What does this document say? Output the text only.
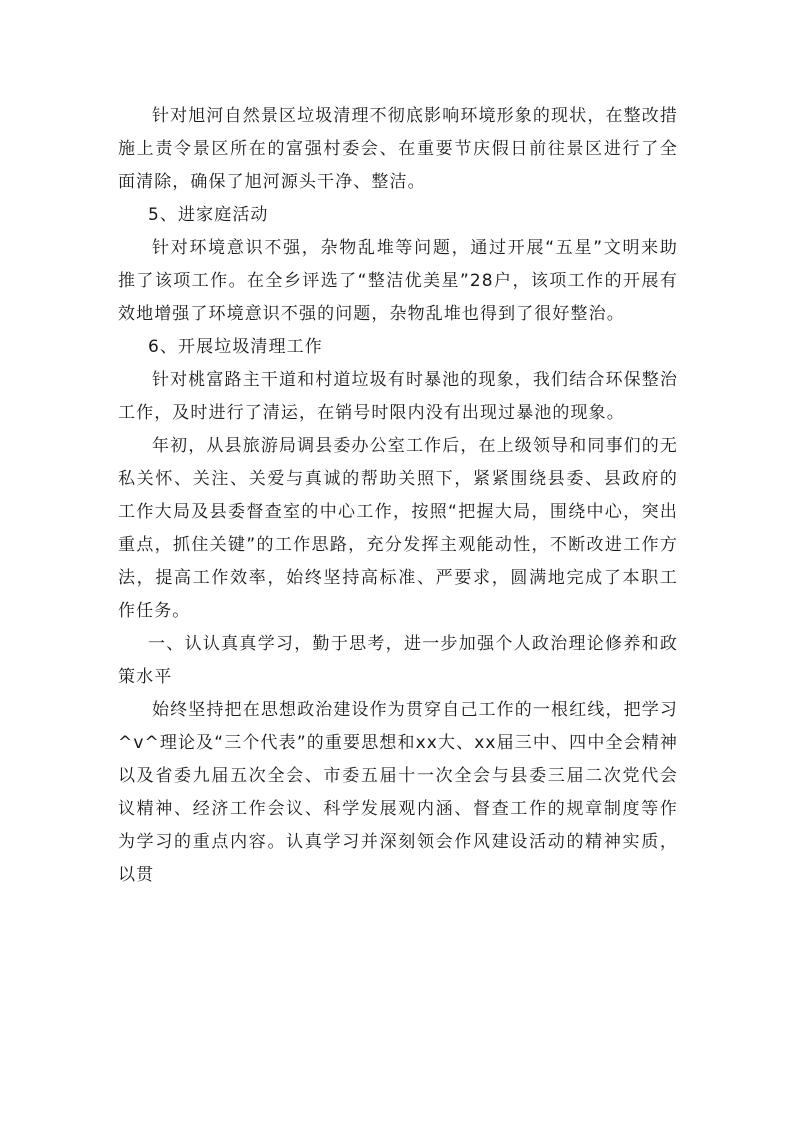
针对旭河自然景区垃圾清理不彻底影响环境形象的现状，在整改措施上责令景区所在的富强村委会、在重要节庆假日前往景区进行了全面清除，确保了旭河源头干净、整洁。

5、进家庭活动

针对环境意识不强，杂物乱堆等问题，通过开展“五星”文明来助推了该项工作。在全乡评选了“整洁优美星”28户，该项工作的开展有效地增强了环境意识不强的问题，杂物乱堆也得到了很好整治。

6、开展垃圾清理工作

针对桃富路主干道和村道垃圾有时暴池的现象，我们结合环保整治工作，及时进行了清运，在销号时限内没有出现过暴池的现象。

年初，从县旅游局调县委办公室工作后，在上级领导和同事们的无私关怀、关注、关爱与真诚的帮助关照下，紧紧围绕县委、县政府的工作大局及县委督查室的中心工作，按照“把握大局，围绕中心，突出重点，抓住关键”的工作思路，充分发挥主观能动性，不断改进工作方法，提高工作效率，始终坚持高标准、严要求，圆满地完成了本职工作任务。

一、认认真真学习，勤于思考，进一步加强个人政治理论修养和政策水平

始终坚持把在思想政治建设作为贯穿自己工作的一根红线，把学习^v^理论及“三个代表”的重要思想和xx大、xx届三中、四中全会精神以及省委九届五次全会、市委五届十一次全会与县委三届二次党代会议精神、经济工作会议、科学发展观内涵、督查工作的规章制度等作为学习的重点内容。认真学习并深刻领会作风建设活动的精神实质，以贯
